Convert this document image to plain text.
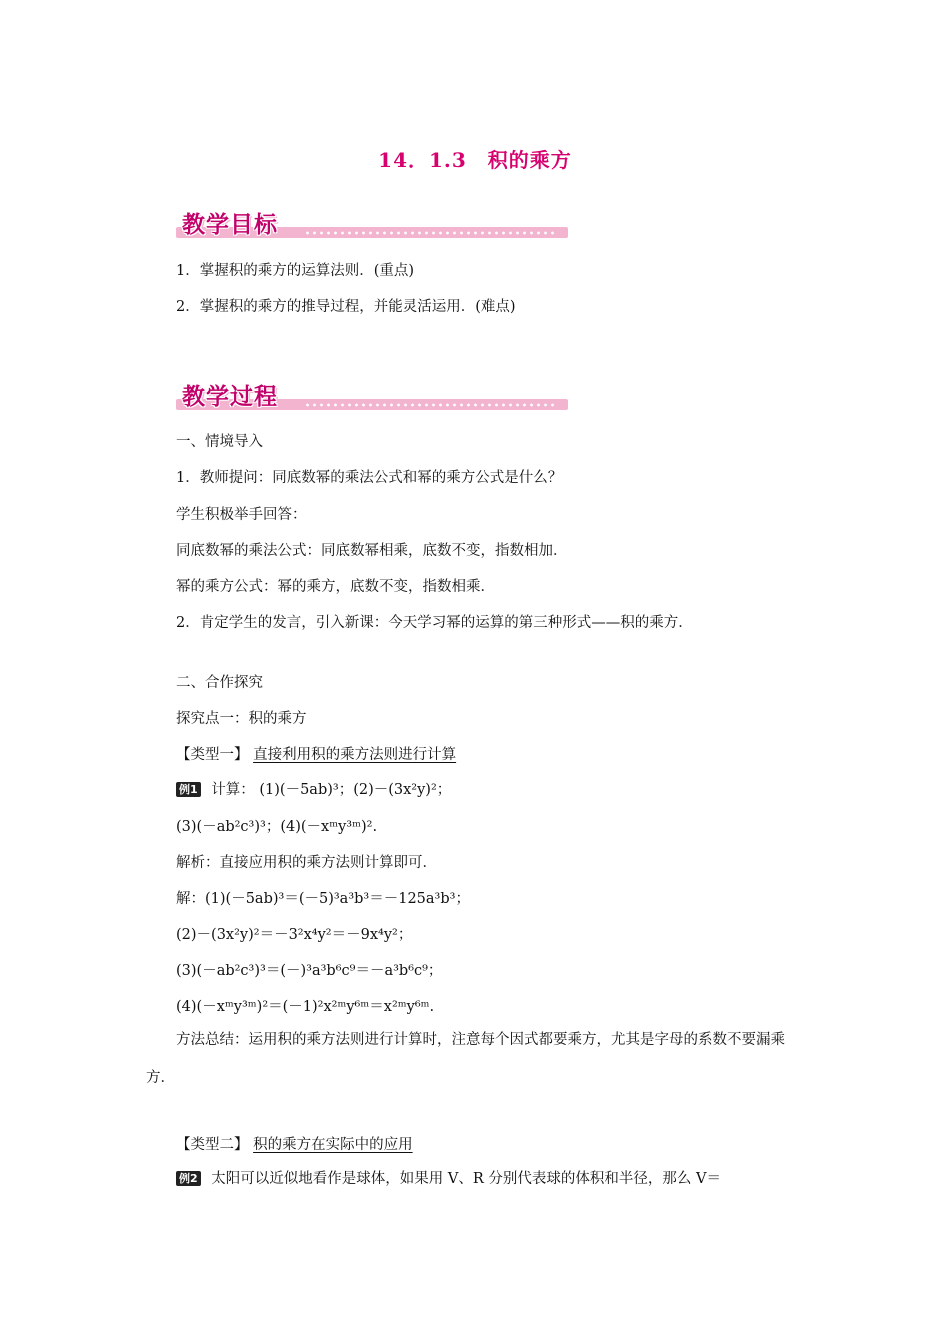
14．1.3　积的乘方
教学目标
1．掌握积的乘方的运算法则．(重点)
2．掌握积的乘方的推导过程，并能灵活运用．(难点)
教学过程
一、情境导入
1．教师提问：同底数幂的乘法公式和幂的乘方公式是什么？
学生积极举手回答：
同底数幂的乘法公式：同底数幂相乘，底数不变，指数相加．
幂的乘方公式：幂的乘方，底数不变，指数相乘．
2．肯定学生的发言，引入新课：今天学习幂的运算的第三种形式——积的乘方．
二、合作探究
探究点一：积的乘方
【类型一】 直接利用积的乘方法则进行计算
例1 计算： (1)(－5ab)³；(2)－(3x²y)²；
(3)(－ab²c³)³；(4)(－xᵐy³ᵐ)².
解析：直接应用积的乘方法则计算即可．
解：(1)(－5ab)³＝(－5)³a³b³＝－125a³b³；
(2)－(3x²y)²＝－3²x⁴y²＝－9x⁴y²；
(3)(－ab²c³)³＝(－)³a³b⁶c⁹＝－a³b⁶c⁹；
(4)(－xᵐy³ᵐ)²＝(－1)²x²ᵐy⁶ᵐ＝x²ᵐy⁶ᵐ.
方法总结：运用积的乘方法则进行计算时，注意每个因式都要乘方，尤其是字母的系数不要漏乘方．
【类型二】 积的乘方在实际中的应用
例2 太阳可以近似地看作是球体，如果用 V、R 分别代表球的体积和半径，那么 V＝
